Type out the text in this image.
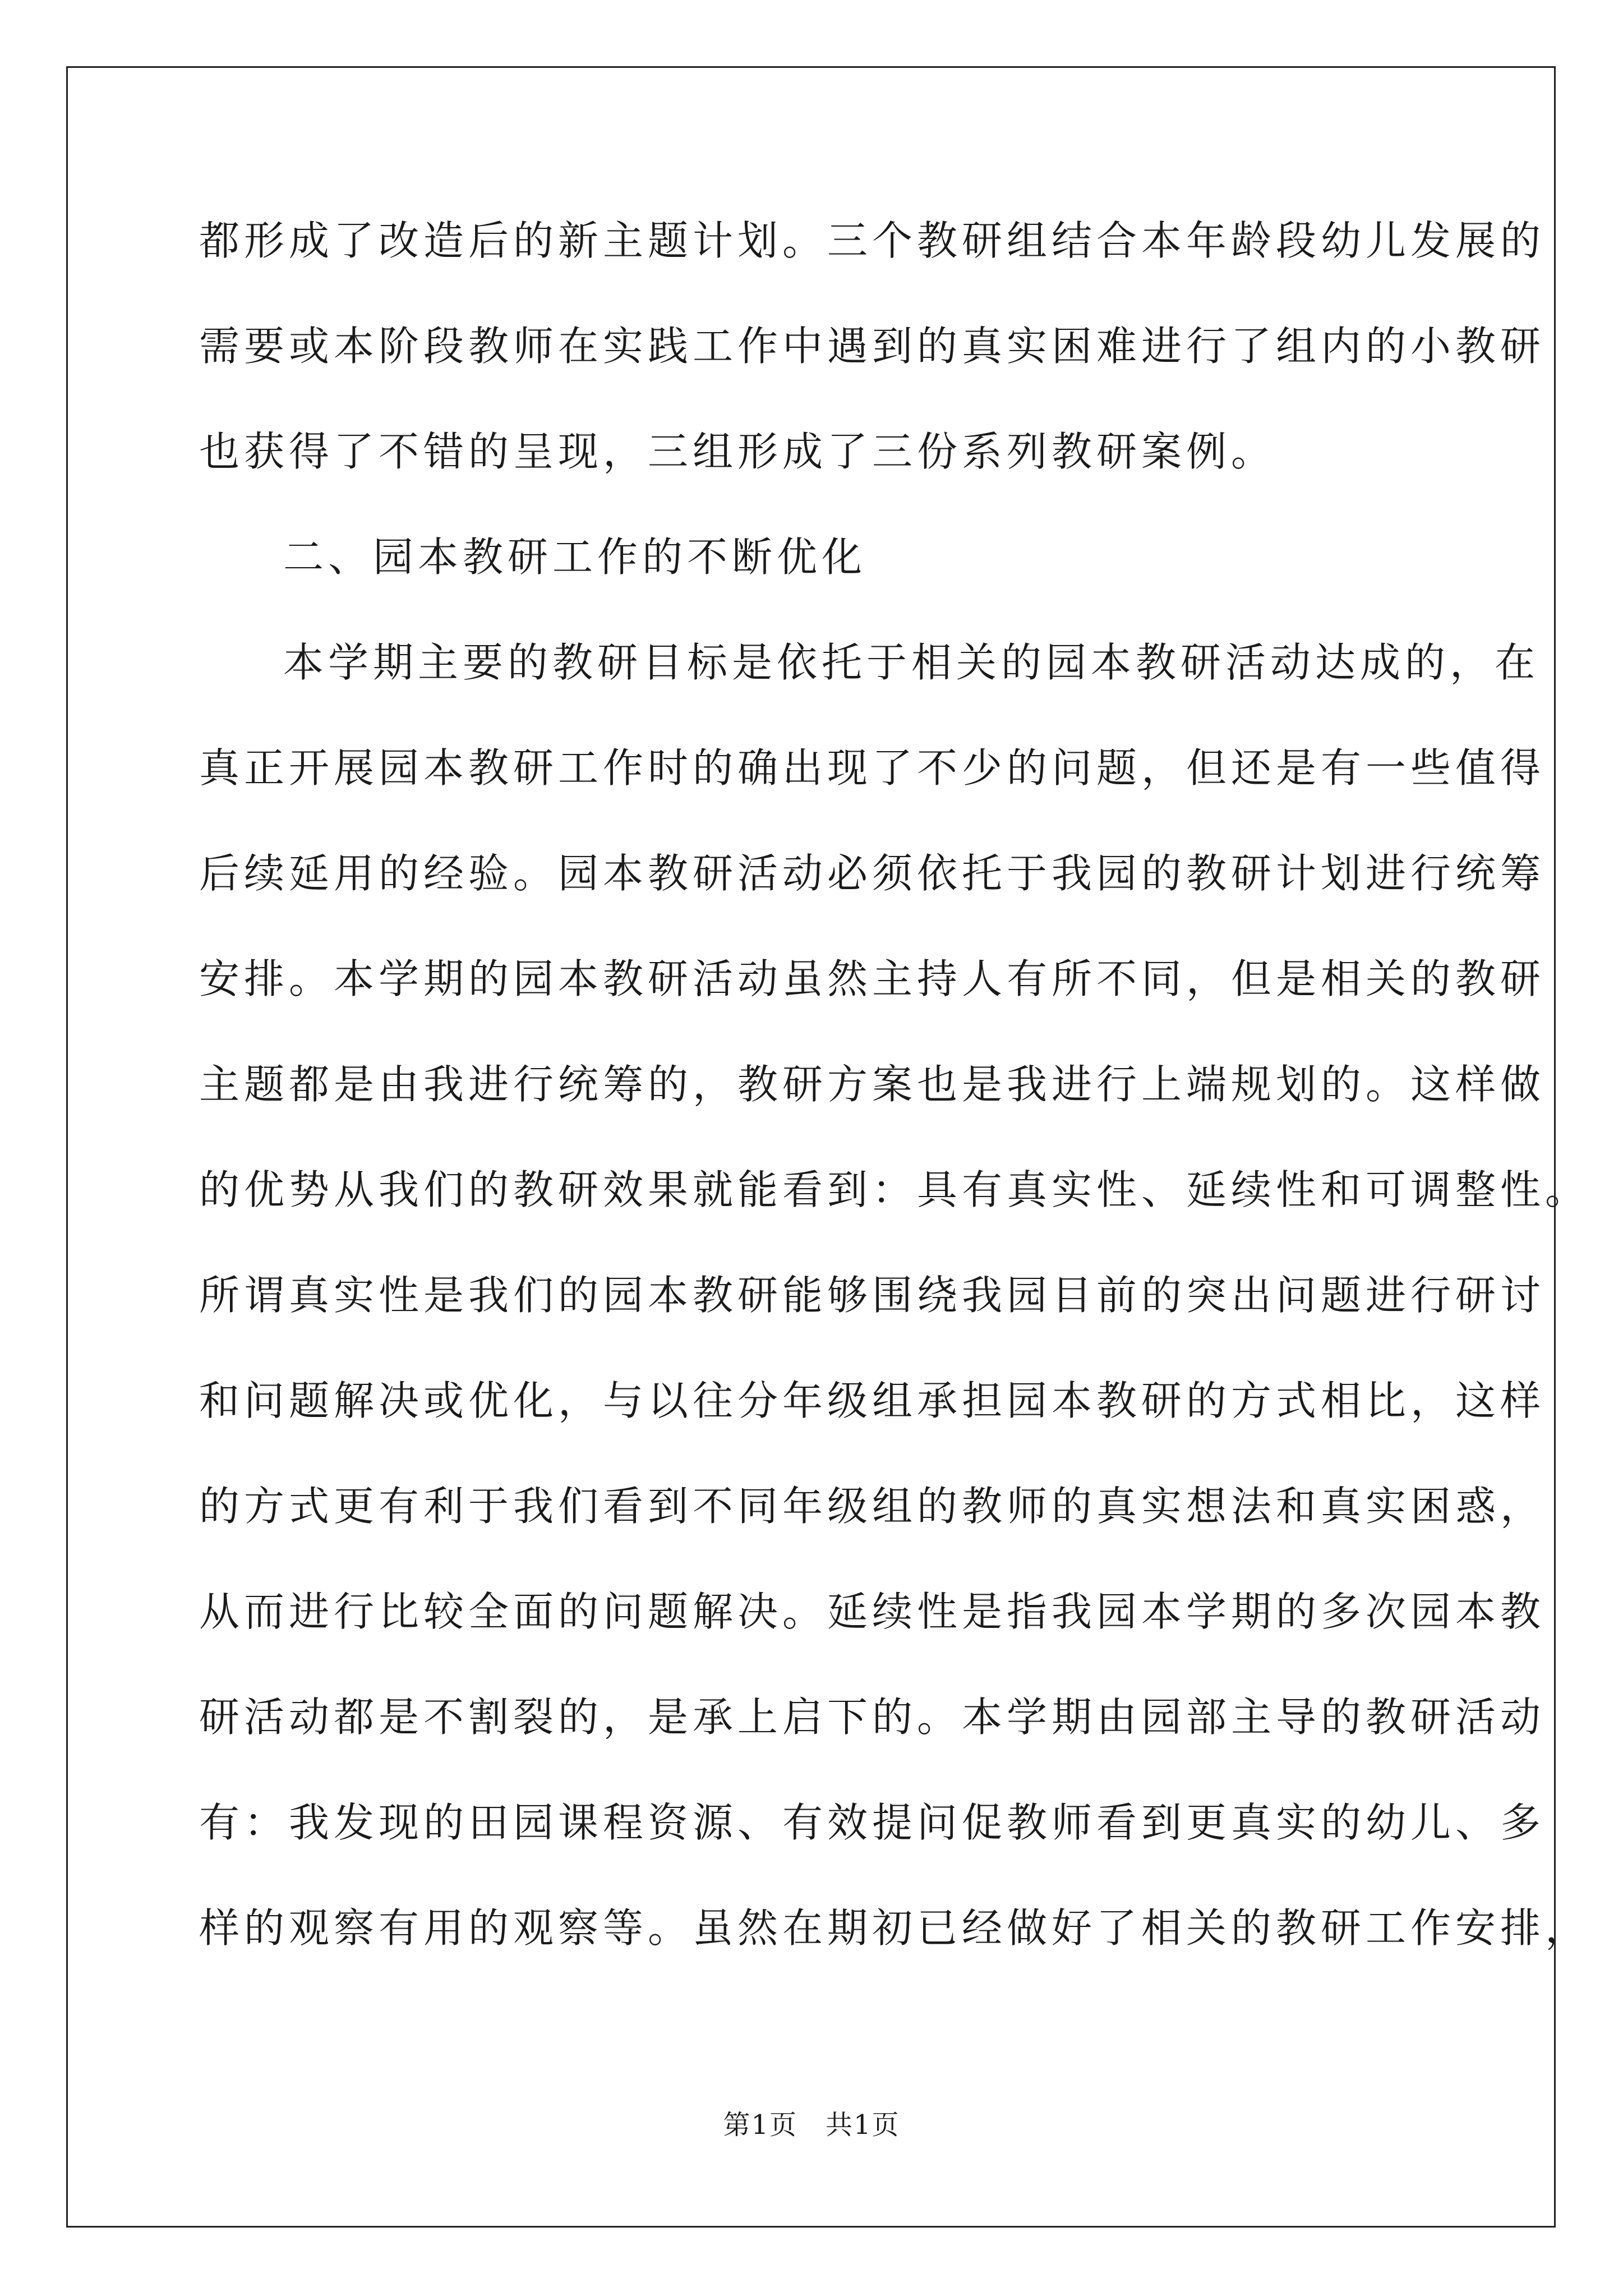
都形成了改造后的新主题计划。三个教研组结合本年龄段幼儿发展的
需要或本阶段教师在实践工作中遇到的真实困难进行了组内的小教研
也获得了不错的呈现，三组形成了三份系列教研案例。
二、园本教研工作的不断优化
本学期主要的教研目标是依托于相关的园本教研活动达成的，在
真正开展园本教研工作时的确出现了不少的问题，但还是有一些值得
后续延用的经验。园本教研活动必须依托于我园的教研计划进行统筹
安排。本学期的园本教研活动虽然主持人有所不同，但是相关的教研
主题都是由我进行统筹的，教研方案也是我进行上端规划的。这样做
的优势从我们的教研效果就能看到：具有真实性、延续性和可调整性。
所谓真实性是我们的园本教研能够围绕我园目前的突出问题进行研讨
和问题解决或优化，与以往分年级组承担园本教研的方式相比，这样
的方式更有利于我们看到不同年级组的教师的真实想法和真实困惑，
从而进行比较全面的问题解决。延续性是指我园本学期的多次园本教
研活动都是不割裂的，是承上启下的。本学期由园部主导的教研活动
有：我发现的田园课程资源、有效提问促教师看到更真实的幼儿、多
样的观察有用的观察等。虽然在期初已经做好了相关的教研工作安排，
第1页　共1页
